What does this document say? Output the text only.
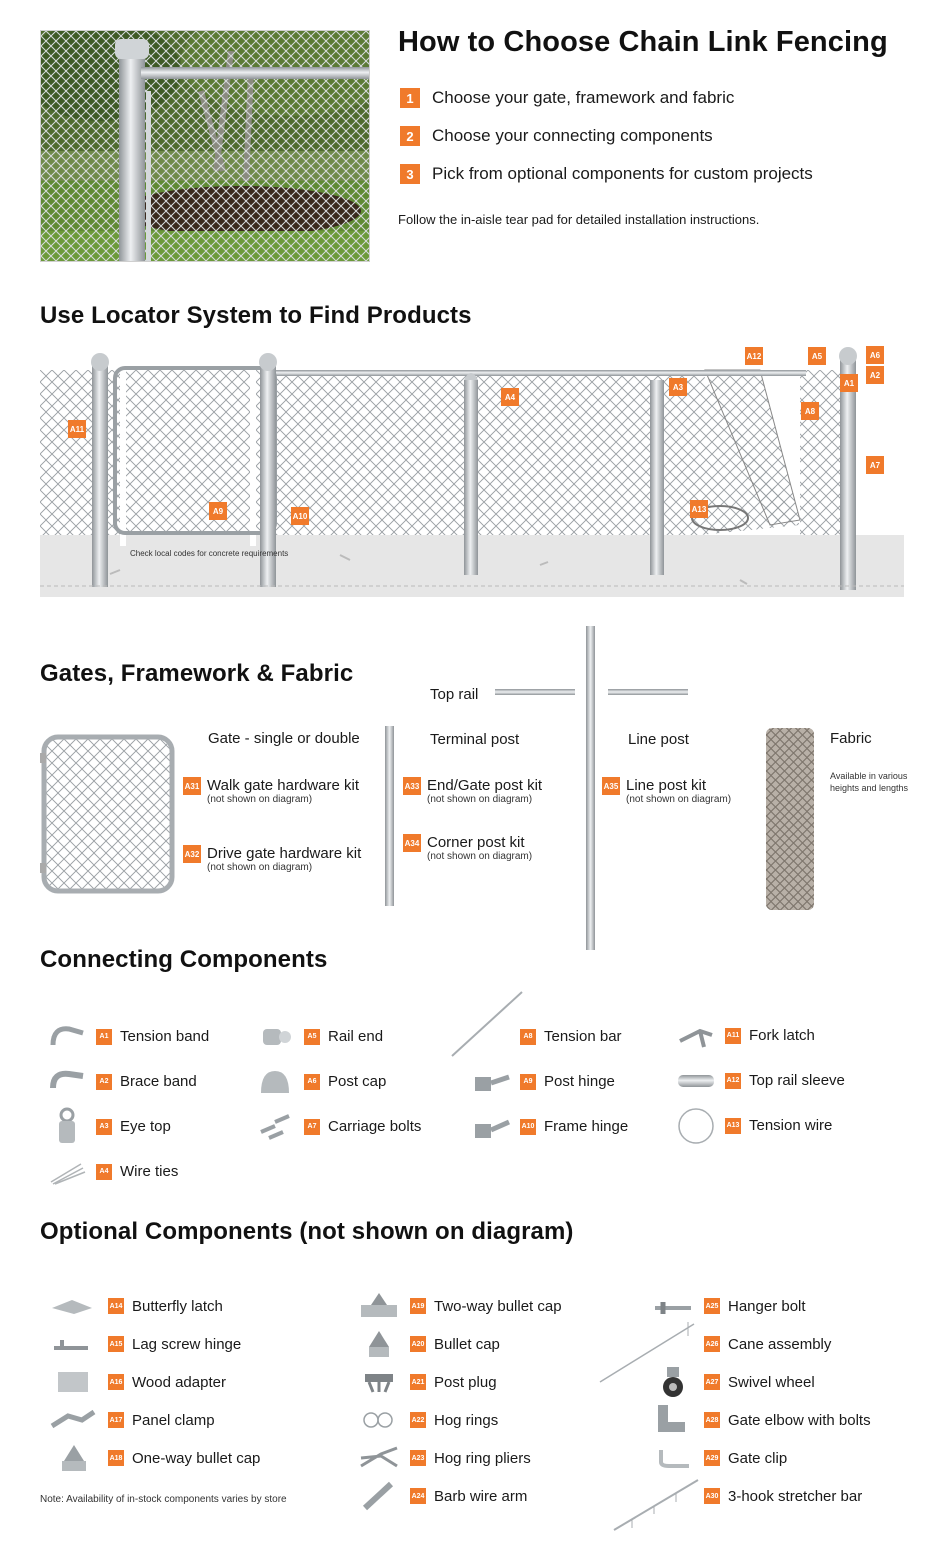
How to Choose Chain Link Fencing
1	Choose your gate, framework and fabric
2	Choose your connecting components
3	Pick from optional components for custom projects
Follow the in-aisle tear pad for detailed installation instructions.
Use Locator System to Find Products
Check local codes for concrete requirements
A1
A2
A3
A4
A5	A6
A7
A8
A9
A10
A11
A12
A13
Gates, Framework & Fabric
Top rail
Gate - single or double	Terminal post	Line post	Fabric
Available in various heights and lengths
A31 Walk gate hardware kit
(not shown on diagram)
A32 Drive gate hardware kit
(not shown on diagram)
A33 End/Gate post kit
(not shown on diagram)
A34 Corner post kit
(not shown on diagram)
A35 Line post kit
(not shown on diagram)
Connecting Components
A1 Tension band
A2 Brace band
A3 Eye top
A4 Wire ties
A5 Rail end
A6 Post cap
A7 Carriage bolts
A8 Tension bar
A9 Post hinge
A10 Frame hinge
A11 Fork latch
A12 Top rail sleeve
A13 Tension wire
Optional Components (not shown on diagram)
A14 Butterfly latch
A15 Lag screw hinge
A16 Wood adapter
A17 Panel clamp
A18 One-way bullet cap
A19 Two-way bullet cap
A20 Bullet cap
A21 Post plug
A22 Hog rings
A23 Hog ring pliers
A24 Barb wire arm
A25 Hanger bolt
A26 Cane assembly
A27 Swivel wheel
A28 Gate elbow with bolts
A29 Gate clip
A30 3-hook stretcher bar
Note: Availability of in-stock components varies by store
